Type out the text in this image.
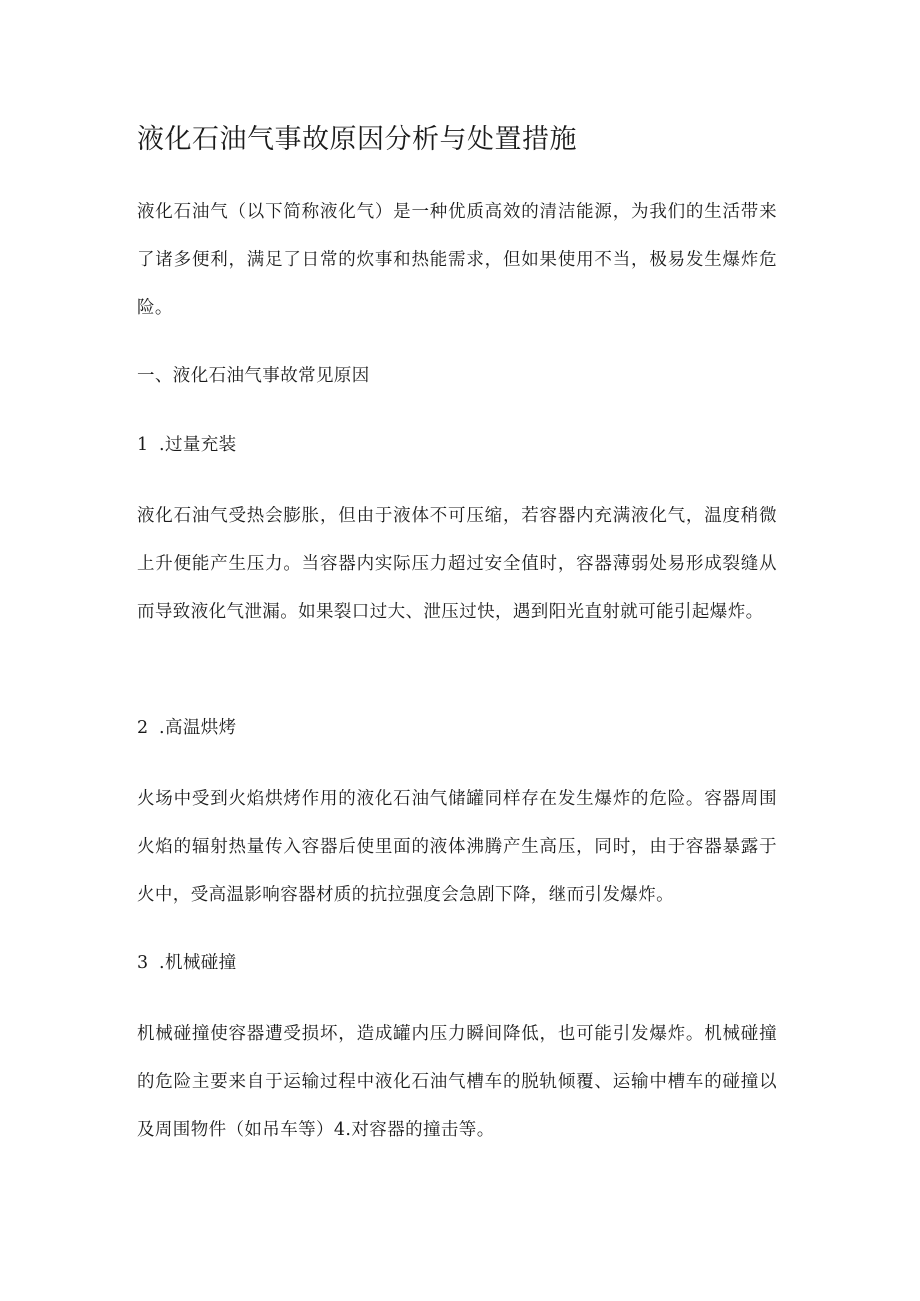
液化石油气事故原因分析与处置措施

液化石油气（以下简称液化气）是一种优质高效的清洁能源，为我们的生活带来了诸多便利，满足了日常的炊事和热能需求，但如果使用不当，极易发生爆炸危险。

一、液化石油气事故常见原因
1 .过量充装

液化石油气受热会膨胀，但由于液体不可压缩，若容器内充满液化气，温度稍微上升便能产生压力。当容器内实际压力超过安全值时，容器薄弱处易形成裂缝从而导致液化气泄漏。如果裂口过大、泄压过快，遇到阳光直射就可能引起爆炸。

2 .高温烘烤

火场中受到火焰烘烤作用的液化石油气储罐同样存在发生爆炸的危险。容器周围火焰的辐射热量传入容器后使里面的液体沸腾产生高压，同时，由于容器暴露于火中，受高温影响容器材质的抗拉强度会急剧下降，继而引发爆炸。

3 .机械碰撞

机械碰撞使容器遭受损坏，造成罐内压力瞬间降低，也可能引发爆炸。机械碰撞的危险主要来自于运输过程中液化石油气槽车的脱轨倾覆、运输中槽车的碰撞以及周围物件（如吊车等）4.对容器的撞击等。
